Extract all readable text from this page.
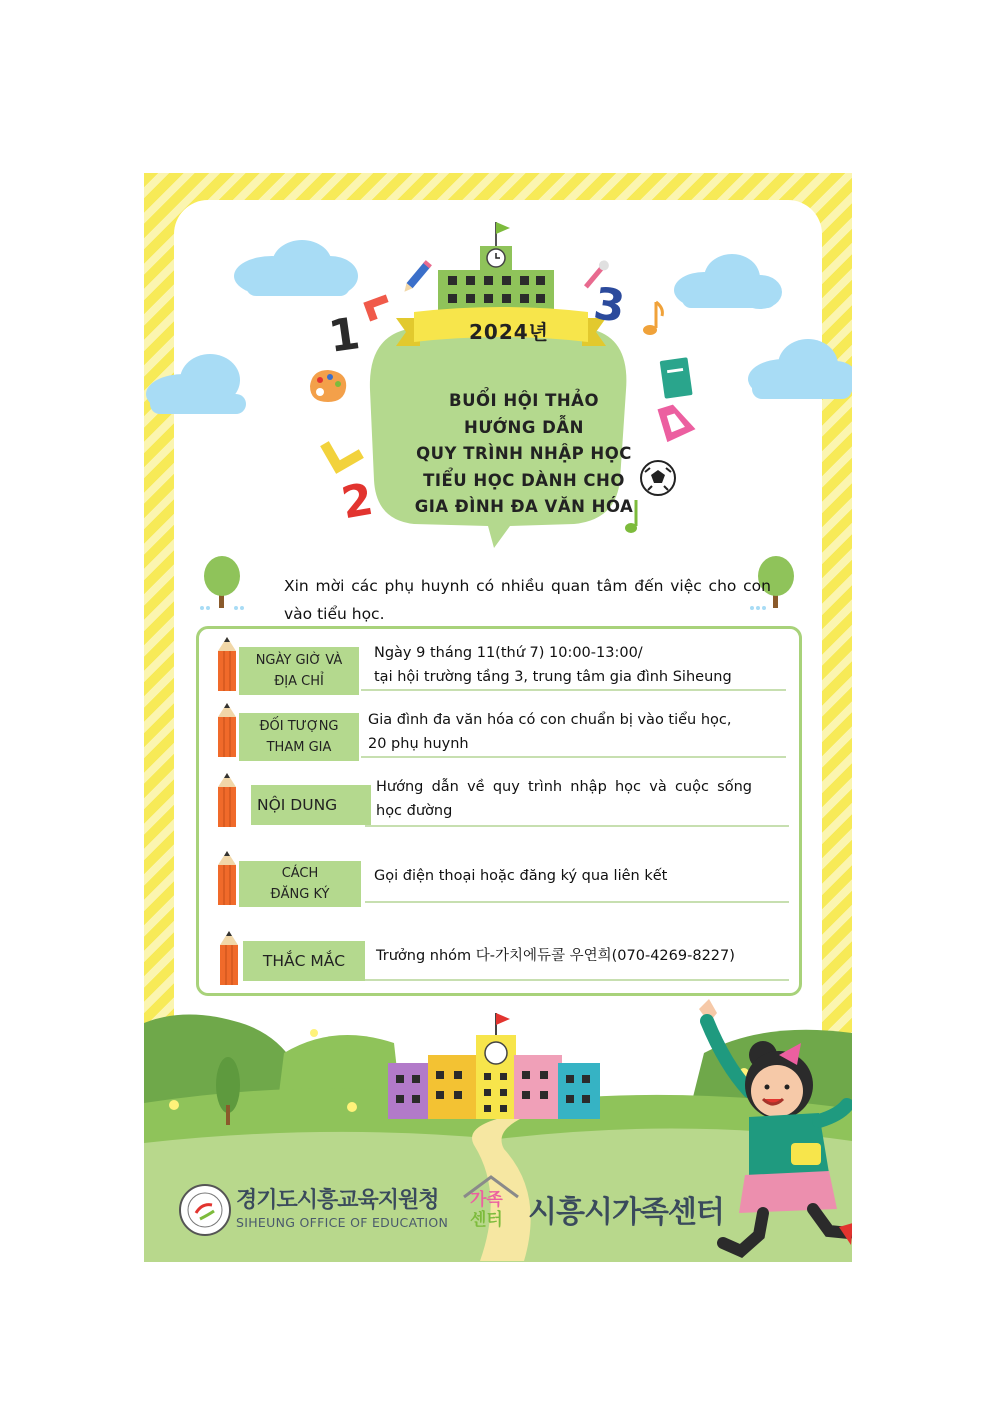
2024년
BUỔI HỘI THẢO
HƯỚNG DẪN
QUY TRÌNH NHẬP HỌC
TIỂU HỌC DÀNH CHO
GIA ĐÌNH ĐA VĂN HÓA
1
2
3
Xin mời các phụ huynh có nhiều quan tâm đến việc cho con vào tiểu học.
NGÀY GIỜ VÀ
ĐỊA CHỈ
Ngày 9 tháng 11(thứ 7) 10:00-13:00/
tại hội trường tầng 3, trung tâm gia đình Siheung
ĐỐI TƯỢNG
THAM GIA
Gia đình đa văn hóa có con chuẩn bị vào tiểu học,
20 phụ huynh
NỘI DUNG
Hướng dẫn về quy trình nhập học và cuộc sống
học đường
CÁCH
ĐĂNG KÝ
Gọi điện thoại hoặc đăng ký qua liên kết
THẮC MẮC Trưởng nhóm 다-가치에듀콜 우연희(070-4269-8227)
경기도시흥교육지원청
SIHEUNG OFFICE OF EDUCATION
가족
센터 시흥시가족센터
